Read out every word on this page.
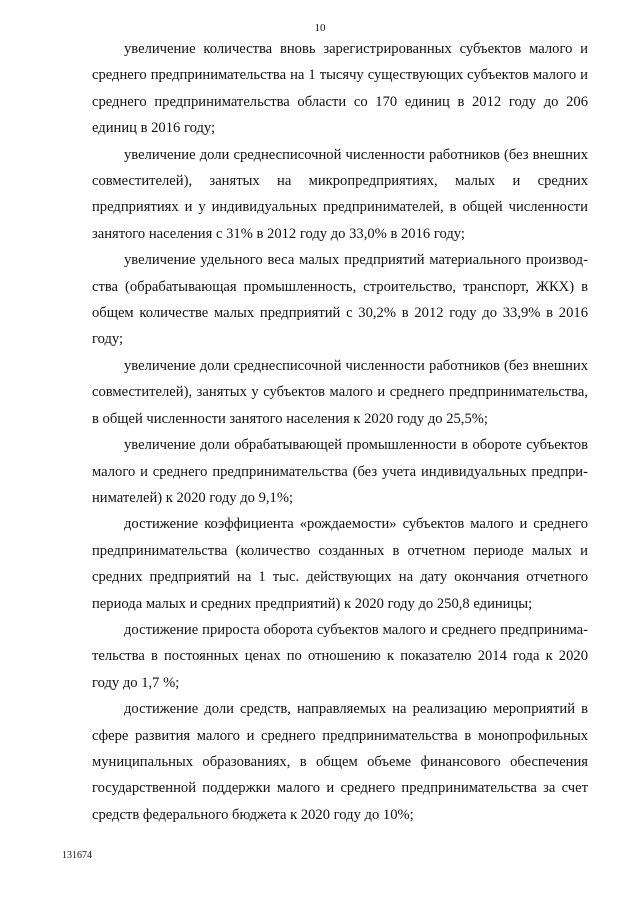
10

увеличение количества вновь зарегистрированных субъектов малого и среднего предпринимательства на 1 тысячу существующих субъектов малого и среднего предпринимательства области со 170 единиц в 2012 году до 206 единиц в 2016 году;

увеличение доли среднесписочной численности работников (без внешних совместителей), занятых на микропредприятиях, малых и средних предприятиях и у индивидуальных предпринимателей, в общей численности занятого населения с 31% в 2012 году до 33,0% в 2016 году;

увеличение удельного веса малых предприятий материального производства (обрабатывающая промышленность, строительство, транспорт, ЖКХ) в общем количестве малых предприятий с 30,2% в 2012 году до 33,9% в 2016 году;

увеличение доли среднесписочной численности работников (без внешних совместителей), занятых у субъектов малого и среднего предпринимательства, в общей численности занятого населения к 2020 году до 25,5%;

увеличение доли обрабатывающей промышленности в обороте субъектов малого и среднего предпринимательства (без учета индивидуальных предпринимателей) к 2020 году до 9,1%;

достижение коэффициента «рождаемости» субъектов малого и среднего предпринимательства (количество созданных в отчетном периоде малых и средних предприятий на 1 тыс. действующих на дату окончания отчетного периода малых и средних предприятий) к 2020 году до 250,8 единицы;

достижение прироста оборота субъектов малого и среднего предпринимательства в постоянных ценах по отношению к показателю 2014 года к 2020 году до 1,7 %;

достижение доли средств, направляемых на реализацию мероприятий в сфере развития малого и среднего предпринимательства в монопрофильных муниципальных образованиях, в общем объеме финансового обеспечения государственной поддержки малого и среднего предпринимательства за счет средств федерального бюджета к 2020 году до 10%;

131674
